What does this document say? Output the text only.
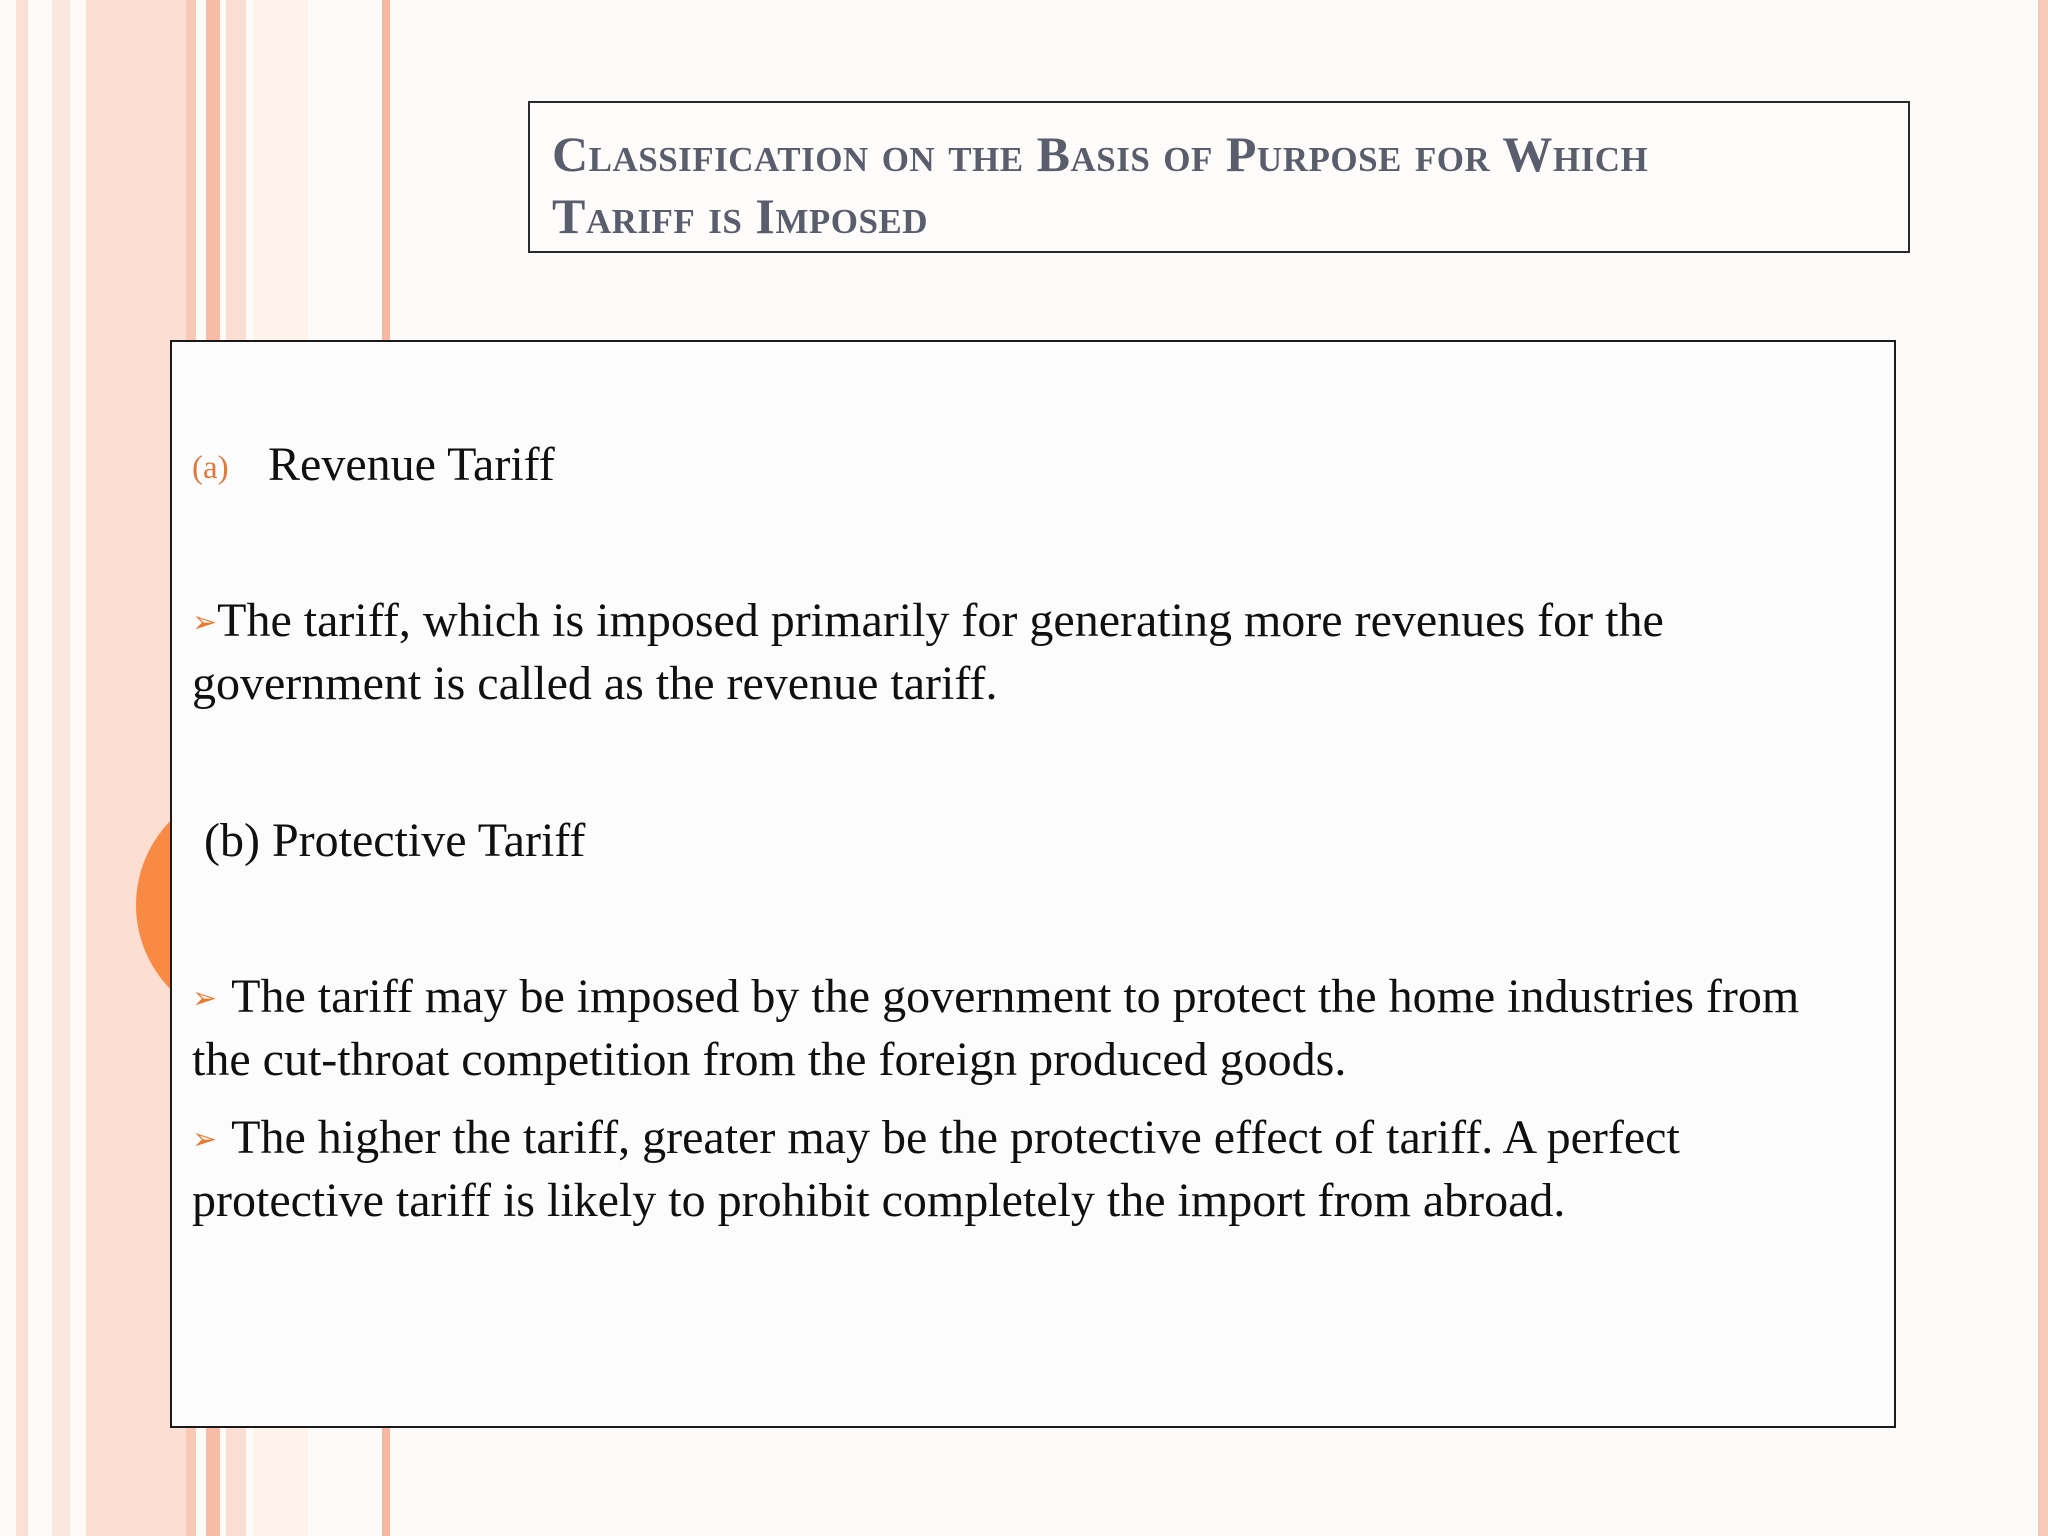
Classification on the Basis of Purpose for Which
Tariff is Imposed
(a) Revenue Tariff
➢The tariff, which is imposed primarily for generating more revenues for the government is called as the revenue tariff.
(b) Protective Tariff
➢ The tariff may be imposed by the government to protect the home industries from the cut-throat competition from the foreign produced goods.
➢ The higher the tariff, greater may be the protective effect of tariff. A perfect protective tariff is likely to prohibit completely the import from abroad.
